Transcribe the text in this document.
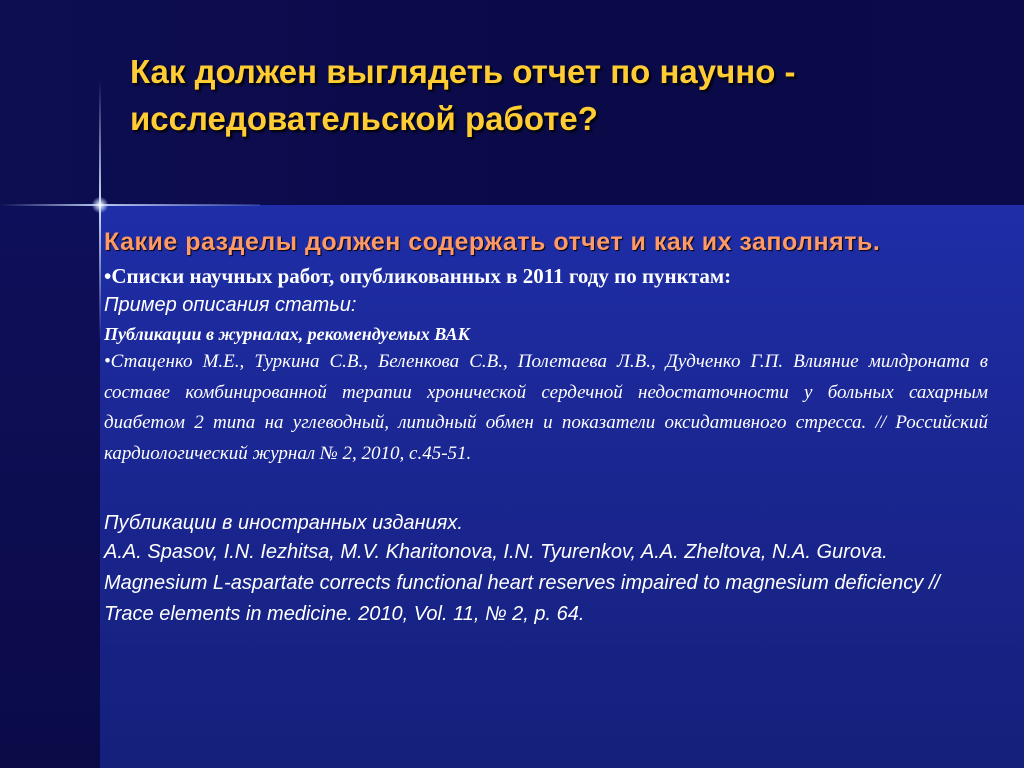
Как должен выглядеть отчет по научно - исследовательской работе?

Какие разделы должен содержать отчет и как их заполнять.

•Списки научных работ, опубликованных в 2011 году по пунктам:

Пример описания статьи:

Публикации в журналах, рекомендуемых ВАК

•Стаценко М.Е., Туркина С.В., Беленкова С.В., Полетаева Л.В., Дудченко Г.П. Влияние милдроната в составе комбинированной терапии хронической сердечной недостаточности у больных сахарным диабетом 2 типа на углеводный, липидный обмен и показатели оксидативного стресса. // Российский кардиологический журнал № 2, 2010, с.45-51.

Публикации в иностранных изданиях.

A.A. Spasov, I.N. Iezhitsa, M.V. Kharitonova, I.N. Tyurenkov, A.A. Zheltova, N.A. Gurova. Magnesium L-aspartate corrects functional heart reserves impaired to magnesium deficiency // Trace elements in medicine. 2010, Vol. 11, № 2, p. 64.
